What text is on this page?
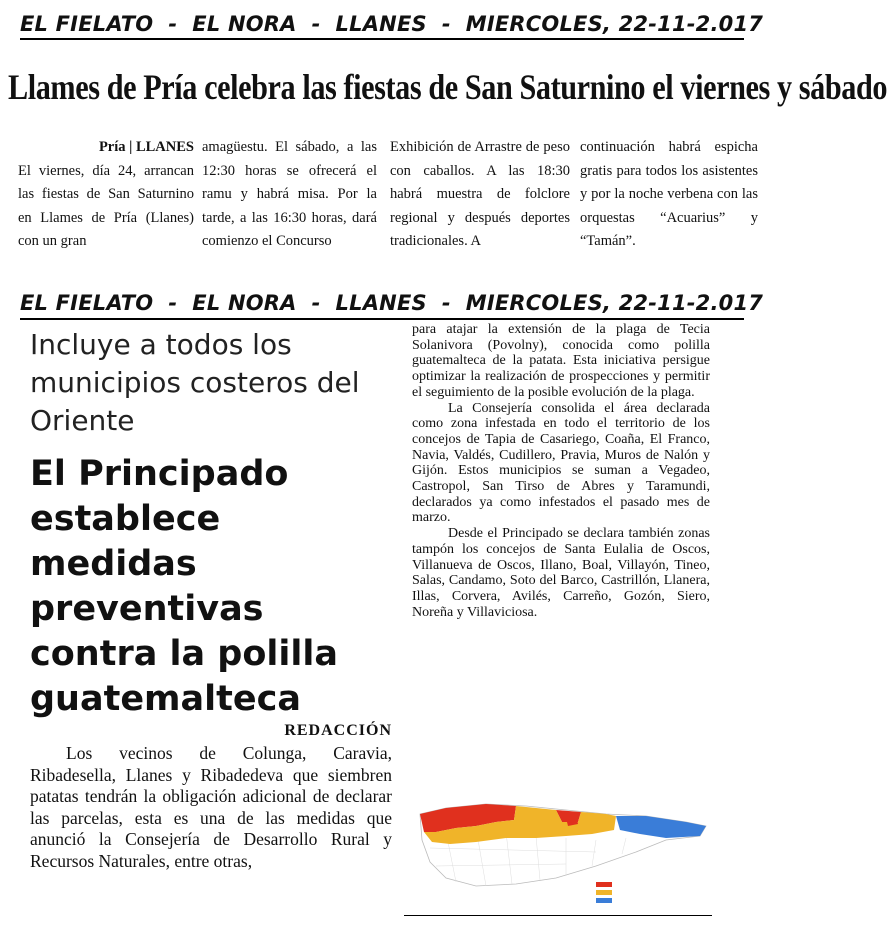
EL FIELATO  -  EL NORA  -  LLANES  -  MIERCOLES, 22-11-2.017
Llames de Pría celebra las fiestas de San Saturnino el viernes y sábado
Pría | LLANES
El viernes, día 24, arrancan las fiestas de San Saturnino en Llames de Pría (Llanes) con un gran
amagüestu. El sábado, a las 12:30 horas se ofrecerá el ramu y habrá misa. Por la tarde, a las 16:30 horas, dará comienzo el Concurso
Exhibición de Arrastre de peso con caballos. A las 18:30 habrá muestra de folclore regional y después deportes tradicionales. A
continuación habrá espicha gratis para todos los asistentes y por la noche verbena con las orquestas “Acuarius” y “Tamán”.
EL FIELATO  -  EL NORA  -  LLANES  -  MIERCOLES, 22-11-2.017
Incluye a todos los municipios costeros del Oriente
El Principado establece medidas preventivas contra la polilla guatemalteca
REDACCIÓN

Los vecinos de Colunga, Caravia, Ribadesella, Llanes y Ribadedeva que siembren patatas tendrán la obligación adicional de declarar las parcelas, esta es una de las medidas que anunció la Consejería de Desarrollo Rural y Recursos Naturales, entre otras,

para atajar la extensión de la plaga de Tecia Solanivora (Povolny), conocida como polilla guatemalteca de la patata. Esta iniciativa persigue optimizar la realización de prospecciones y permitir el seguimiento de la posible evolución de la plaga.

La Consejería consolida el área declarada como zona infestada en todo el territorio de los concejos de Tapia de Casariego, Coaña, El Franco, Navia, Valdés, Cudillero, Pravia, Muros de Nalón y Gijón. Estos municipios se suman a Vegadeo, Castropol, San Tirso de Abres y Taramundi, declarados ya como infestados el pasado mes de marzo.

Desde el Principado se declara también zonas tampón los concejos de Santa Eulalia de Oscos, Villanueva de Oscos, Illano, Boal, Villayón, Tineo, Salas, Candamo, Soto del Barco, Castrillón, Llanera, Illas, Corvera, Avilés, Carreño, Gozón, Siero, Noreña y Villaviciosa.
